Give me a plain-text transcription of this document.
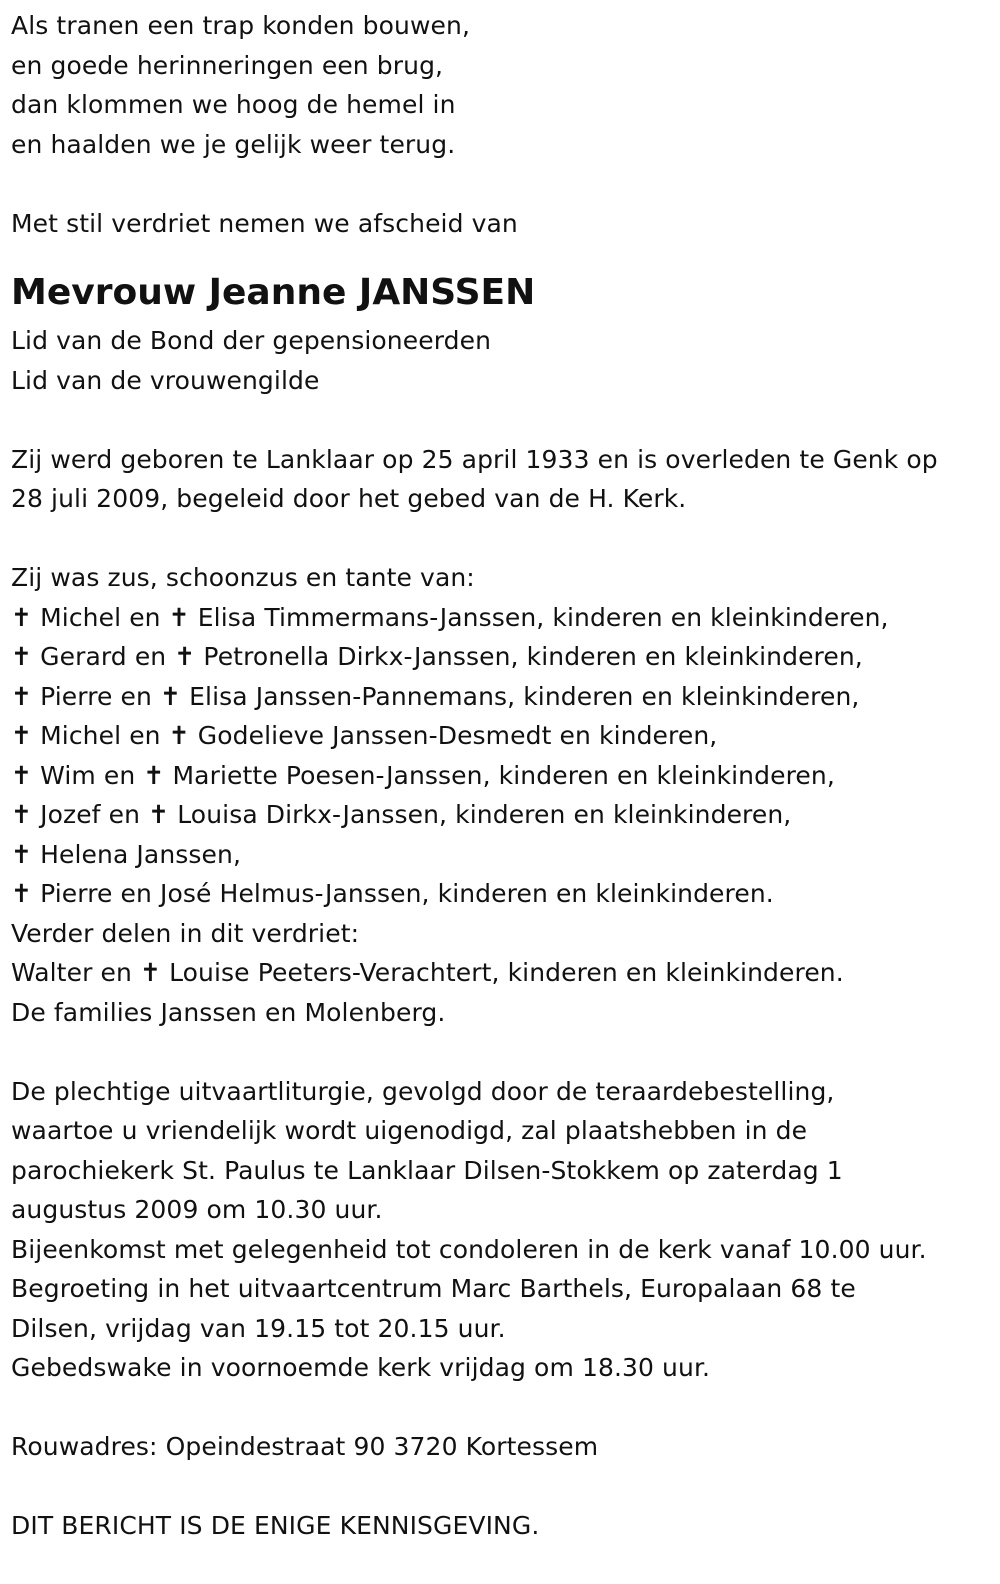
Als tranen een trap konden bouwen,
en goede herinneringen een brug,
dan klommen we hoog de hemel in
en haalden we je gelijk weer terug.
Met stil verdriet nemen we afscheid van
Mevrouw Jeanne JANSSEN
Lid van de Bond der gepensioneerden
Lid van de vrouwengilde
Zij werd geboren te Lanklaar op 25 april 1933 en is overleden te Genk op
28 juli 2009, begeleid door het gebed van de H. Kerk.
Zij was zus, schoonzus en tante van:
✝ Michel en ✝ Elisa Timmermans-Janssen, kinderen en kleinkinderen,
✝ Gerard en ✝ Petronella Dirkx-Janssen, kinderen en kleinkinderen,
✝ Pierre en ✝ Elisa Janssen-Pannemans, kinderen en kleinkinderen,
✝ Michel en ✝ Godelieve Janssen-Desmedt en kinderen,
✝ Wim en ✝ Mariette Poesen-Janssen, kinderen en kleinkinderen,
✝ Jozef en ✝ Louisa Dirkx-Janssen, kinderen en kleinkinderen,
✝ Helena Janssen,
✝ Pierre en José Helmus-Janssen, kinderen en kleinkinderen.
Verder delen in dit verdriet:
Walter en ✝ Louise Peeters-Verachtert, kinderen en kleinkinderen.
De families Janssen en Molenberg.
De plechtige uitvaartliturgie, gevolgd door de teraardebestelling,
waartoe u vriendelijk wordt uigenodigd, zal plaatshebben in de
parochiekerk St. Paulus te Lanklaar Dilsen-Stokkem op zaterdag 1
augustus 2009 om 10.30 uur.
Bijeenkomst met gelegenheid tot condoleren in de kerk vanaf 10.00 uur.
Begroeting in het uitvaartcentrum Marc Barthels, Europalaan 68 te
Dilsen, vrijdag van 19.15 tot 20.15 uur.
Gebedswake in voornoemde kerk vrijdag om 18.30 uur.
Rouwadres: Opeindestraat 90 3720 Kortessem
DIT BERICHT IS DE ENIGE KENNISGEVING.
